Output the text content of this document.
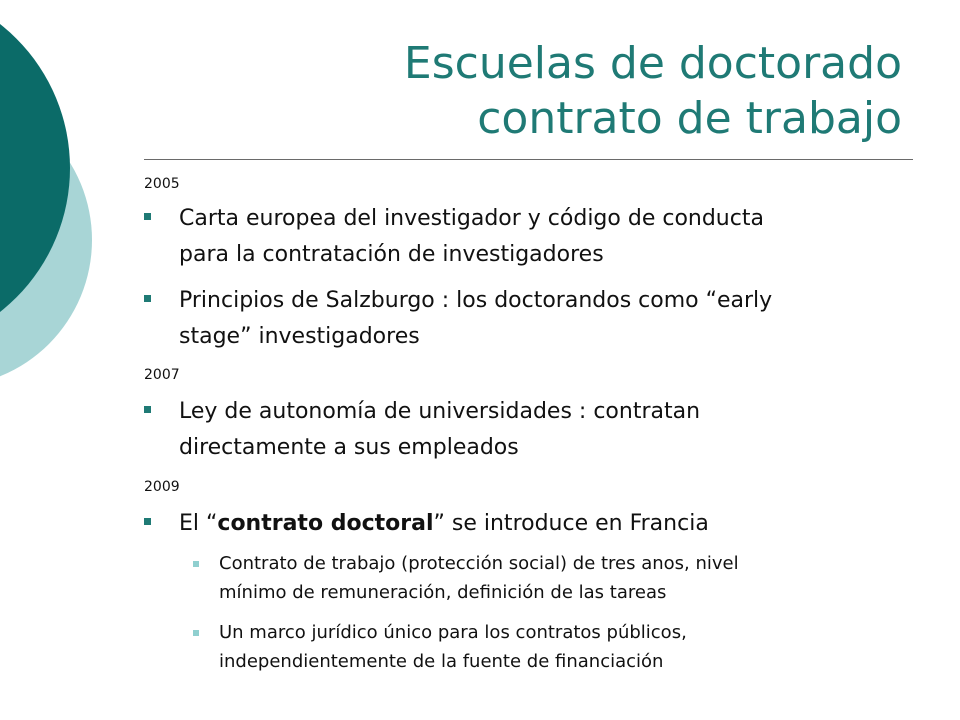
Escuelas de doctorado
contrato de trabajo
2005
Carta europea del investigador y código de conducta
para la contratación de investigadores
Principios de Salzburgo : los doctorandos como “early
stage” investigadores
2007
Ley de autonomía de universidades : contratan
directamente a sus empleados
2009
El “contrato doctoral” se introduce en Francia
Contrato de trabajo (protección social) de tres anos, nivel
mínimo de remuneración, definición de las tareas
Un marco jurídico único para los contratos públicos,
independientemente de la fuente de financiación
